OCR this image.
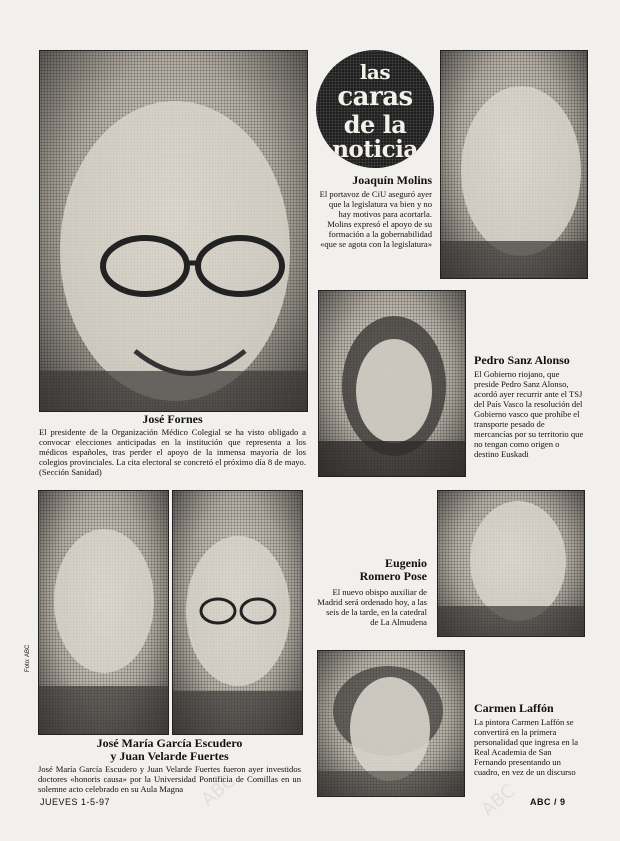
ABC	ABC
José Fornes
El presidente de la Organización Médico Colegial se ha visto obligado a convocar elecciones anticipadas en la institución que representa a los médicos españoles, tras perder el apoyo de la inmensa mayoría de los colegios provinciales. La cita electoral se concretó el próximo día 8 de mayo. (Sección Sanidad)
las
caras
de la
noticia
Joaquín Molins
El portavoz de CiU aseguró ayer que la legislatura va bien y no hay motivos para acortarla. Molins expresó el apoyo de su formación a la gobernabilidad «que se agota con la legislatura»
Pedro Sanz Alonso
El Gobierno riojano, que preside Pedro Sanz Alonso, acordó ayer recurrir ante el TSJ del País Vasco la resolución del Gobierno vasco que prohíbe el transporte pesado de mercancías por su territorio que no tengan como origen o destino Euskadi
José María García Escudero
y Juan Velarde Fuertes
José María García Escudero y Juan Velarde Fuertes fueron ayer investidos doctores «honoris causa» por la Universidad Pontificia de Comillas en un solemne acto celebrado en su Aula Magna
Eugenio
Romero Pose
El nuevo obispo auxiliar de Madrid será ordenado hoy, a las seis de la tarde, en la catedral de La Almudena
Carmen Laffón
La pintora Carmen Laffón se convertirá en la primera personalidad que ingresa en la Real Academia de San Fernando presentando un cuadro, en vez de un discurso
Foto: ABC
JUEVES 1-5-97	ABC / 9
